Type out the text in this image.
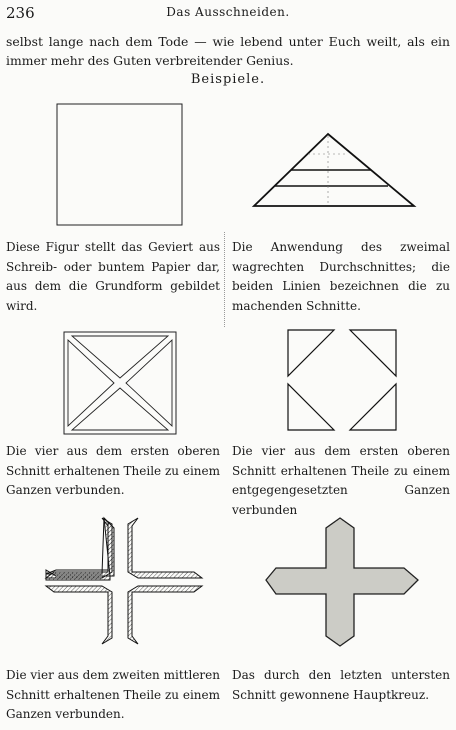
236	Das Ausschneiden.
selbst lange nach dem Tode — wie lebend unter Euch weilt, als ein immer mehr des Guten verbreitender Genius.
Beispiele.
Diese Figur stellt das Geviert aus Schreib- oder buntem Papier dar, aus dem die Grundform gebildet wird.
Die Anwendung des zweimal wagrechten Durchschnittes; die beiden Linien bezeichnen die zu machenden Schnitte.
Die vier aus dem ersten oberen Schnitt erhaltenen Theile zu einem Ganzen verbunden.
Die vier aus dem ersten oberen Schnitt erhaltenen Theile zu einem entgegengesetzten Ganzen verbunden
Die vier aus dem zweiten mittleren Schnitt erhaltenen Theile zu einem Ganzen verbunden.
Das durch den letzten untersten Schnitt gewonnene Hauptkreuz.
